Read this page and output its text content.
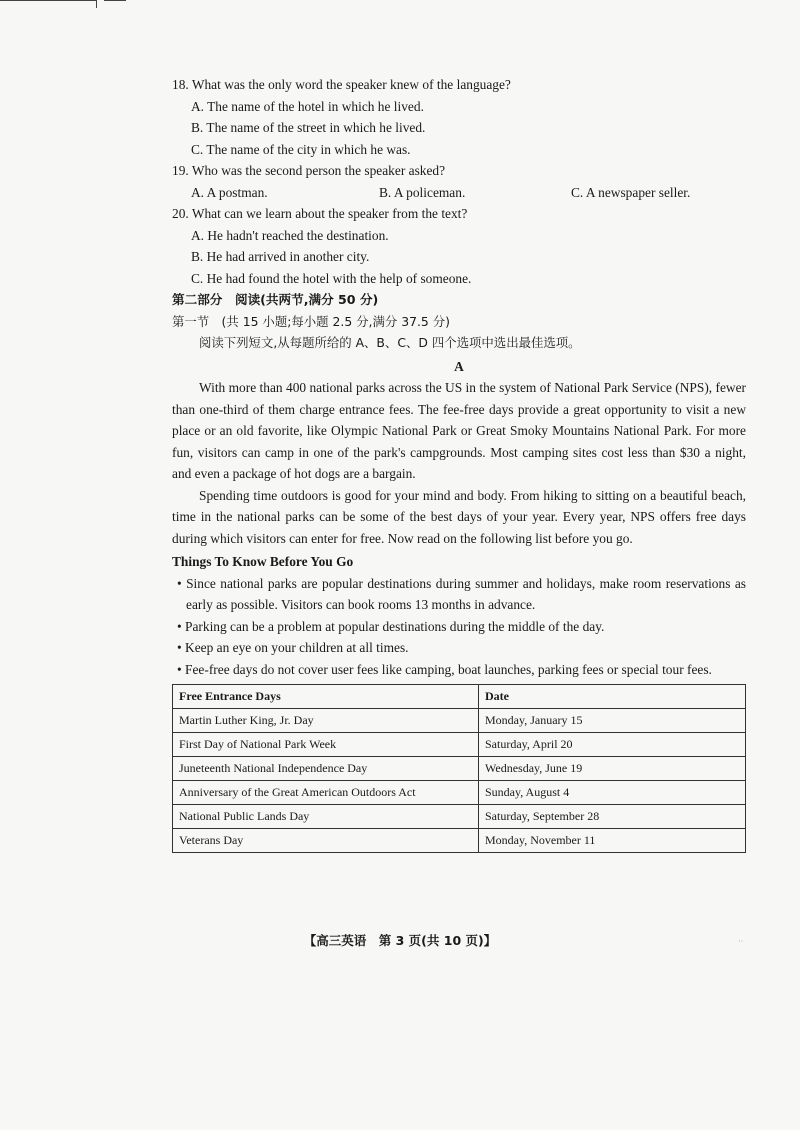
18. What was the only word the speaker knew of the language?
A. The name of the hotel in which he lived.
B. The name of the street in which he lived.
C. The name of the city in which he was.
19. Who was the second person the speaker asked?
A. A postman.	B. A policeman.	C. A newspaper seller.
20. What can we learn about the speaker from the text?
A. He hadn't reached the destination.
B. He had arrived in another city.
C. He had found the hotel with the help of someone.
第二部分　阅读(共两节,满分 50 分)
第一节　(共 15 小题;每小题 2.5 分,满分 37.5 分)
阅读下列短文,从每题所给的 A、B、C、D 四个选项中选出最佳选项。
A
With more than 400 national parks across the US in the system of National Park Service (NPS), fewer than one-third of them charge entrance fees. The fee-free days provide a great opportunity to visit a new place or an old favorite, like Olympic National Park or Great Smoky Mountains National Park. For more fun, visitors can camp in one of the park's campgrounds. Most camping sites cost less than $30 a night, and even a package of hot dogs are a bargain.
Spending time outdoors is good for your mind and body. From hiking to sitting on a beautiful beach, time in the national parks can be some of the best days of your year. Every year, NPS offers free days during which visitors can enter for free. Now read on the following list before you go.
Things To Know Before You Go
• Since national parks are popular destinations during summer and holidays, make room reservations as early as possible. Visitors can book rooms 13 months in advance.
• Parking can be a problem at popular destinations during the middle of the day.
• Keep an eye on your children at all times.
• Fee-free days do not cover user fees like camping, boat launches, parking fees or special tour fees.
Free Entrance Days	Date
Martin Luther King, Jr. Day	Monday, January 15
First Day of National Park Week	Saturday, April 20
Juneteenth National Independence Day	Wednesday, June 19
Anniversary of the Great American Outdoors Act	Sunday, August 4
National Public Lands Day	Saturday, September 28
Veterans Day	Monday, November 11
【高三英语　第 3 页(共 10 页)】	··
